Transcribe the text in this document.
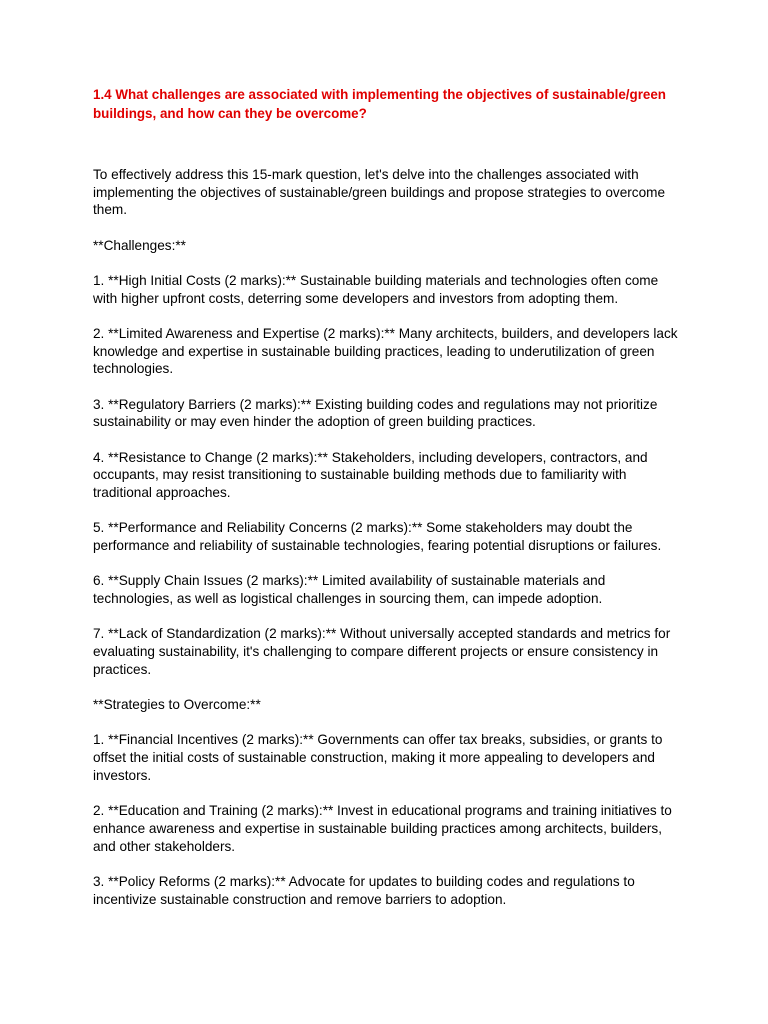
1.4 What challenges are associated with implementing the objectives of sustainable/green buildings, and how can they be overcome?

To effectively address this 15-mark question, let's delve into the challenges associated with implementing the objectives of sustainable/green buildings and propose strategies to overcome them.

**Challenges:**

1. **High Initial Costs (2 marks):** Sustainable building materials and technologies often come with higher upfront costs, deterring some developers and investors from adopting them.

2. **Limited Awareness and Expertise (2 marks):** Many architects, builders, and developers lack knowledge and expertise in sustainable building practices, leading to underutilization of green technologies.

3. **Regulatory Barriers (2 marks):** Existing building codes and regulations may not prioritize sustainability or may even hinder the adoption of green building practices.

4. **Resistance to Change (2 marks):** Stakeholders, including developers, contractors, and occupants, may resist transitioning to sustainable building methods due to familiarity with traditional approaches.

5. **Performance and Reliability Concerns (2 marks):** Some stakeholders may doubt the performance and reliability of sustainable technologies, fearing potential disruptions or failures.

6. **Supply Chain Issues (2 marks):** Limited availability of sustainable materials and technologies, as well as logistical challenges in sourcing them, can impede adoption.

7. **Lack of Standardization (2 marks):** Without universally accepted standards and metrics for evaluating sustainability, it's challenging to compare different projects or ensure consistency in practices.

**Strategies to Overcome:**

1. **Financial Incentives (2 marks):** Governments can offer tax breaks, subsidies, or grants to offset the initial costs of sustainable construction, making it more appealing to developers and investors.

2. **Education and Training (2 marks):** Invest in educational programs and training initiatives to enhance awareness and expertise in sustainable building practices among architects, builders, and other stakeholders.

3. **Policy Reforms (2 marks):** Advocate for updates to building codes and regulations to incentivize sustainable construction and remove barriers to adoption.
